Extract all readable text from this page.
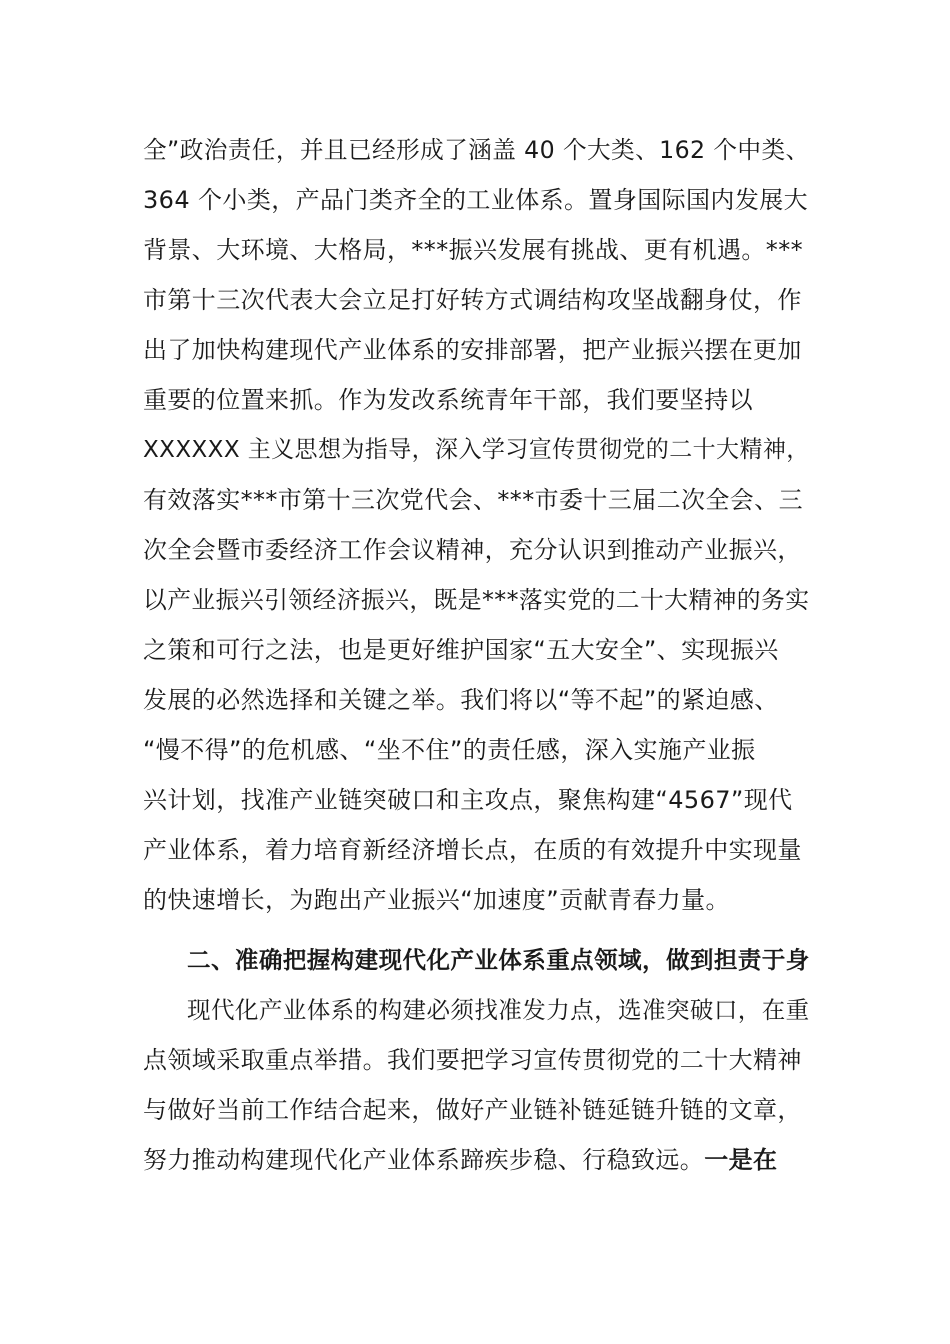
全”政治责任，并且已经形成了涵盖 40 个大类、162 个中类、
364 个小类，产品门类齐全的工业体系。置身国际国内发展大
背景、大环境、大格局，***振兴发展有挑战、更有机遇。***
市第十三次代表大会立足打好转方式调结构攻坚战翻身仗，作
出了加快构建现代产业体系的安排部署，把产业振兴摆在更加
重要的位置来抓。作为发改系统青年干部，我们要坚持以
XXXXXX 主义思想为指导，深入学习宣传贯彻党的二十大精神，
有效落实***市第十三次党代会、***市委十三届二次全会、三
次全会暨市委经济工作会议精神，充分认识到推动产业振兴，
以产业振兴引领经济振兴，既是***落实党的二十大精神的务实
之策和可行之法，也是更好维护国家“五大安全”、实现振兴
发展的必然选择和关键之举。我们将以“等不起”的紧迫感、
“慢不得”的危机感、“坐不住”的责任感，深入实施产业振
兴计划，找准产业链突破口和主攻点，聚焦构建“4567”现代
产业体系，着力培育新经济增长点，在质的有效提升中实现量
的快速增长，为跑出产业振兴“加速度”贡献青春力量。
二、准确把握构建现代化产业体系重点领域，做到担责于身
现代化产业体系的构建必须找准发力点，选准突破口，在重
点领域采取重点举措。我们要把学习宣传贯彻党的二十大精神
与做好当前工作结合起来，做好产业链补链延链升链的文章，
努力推动构建现代化产业体系蹄疾步稳、行稳致远。一是在
